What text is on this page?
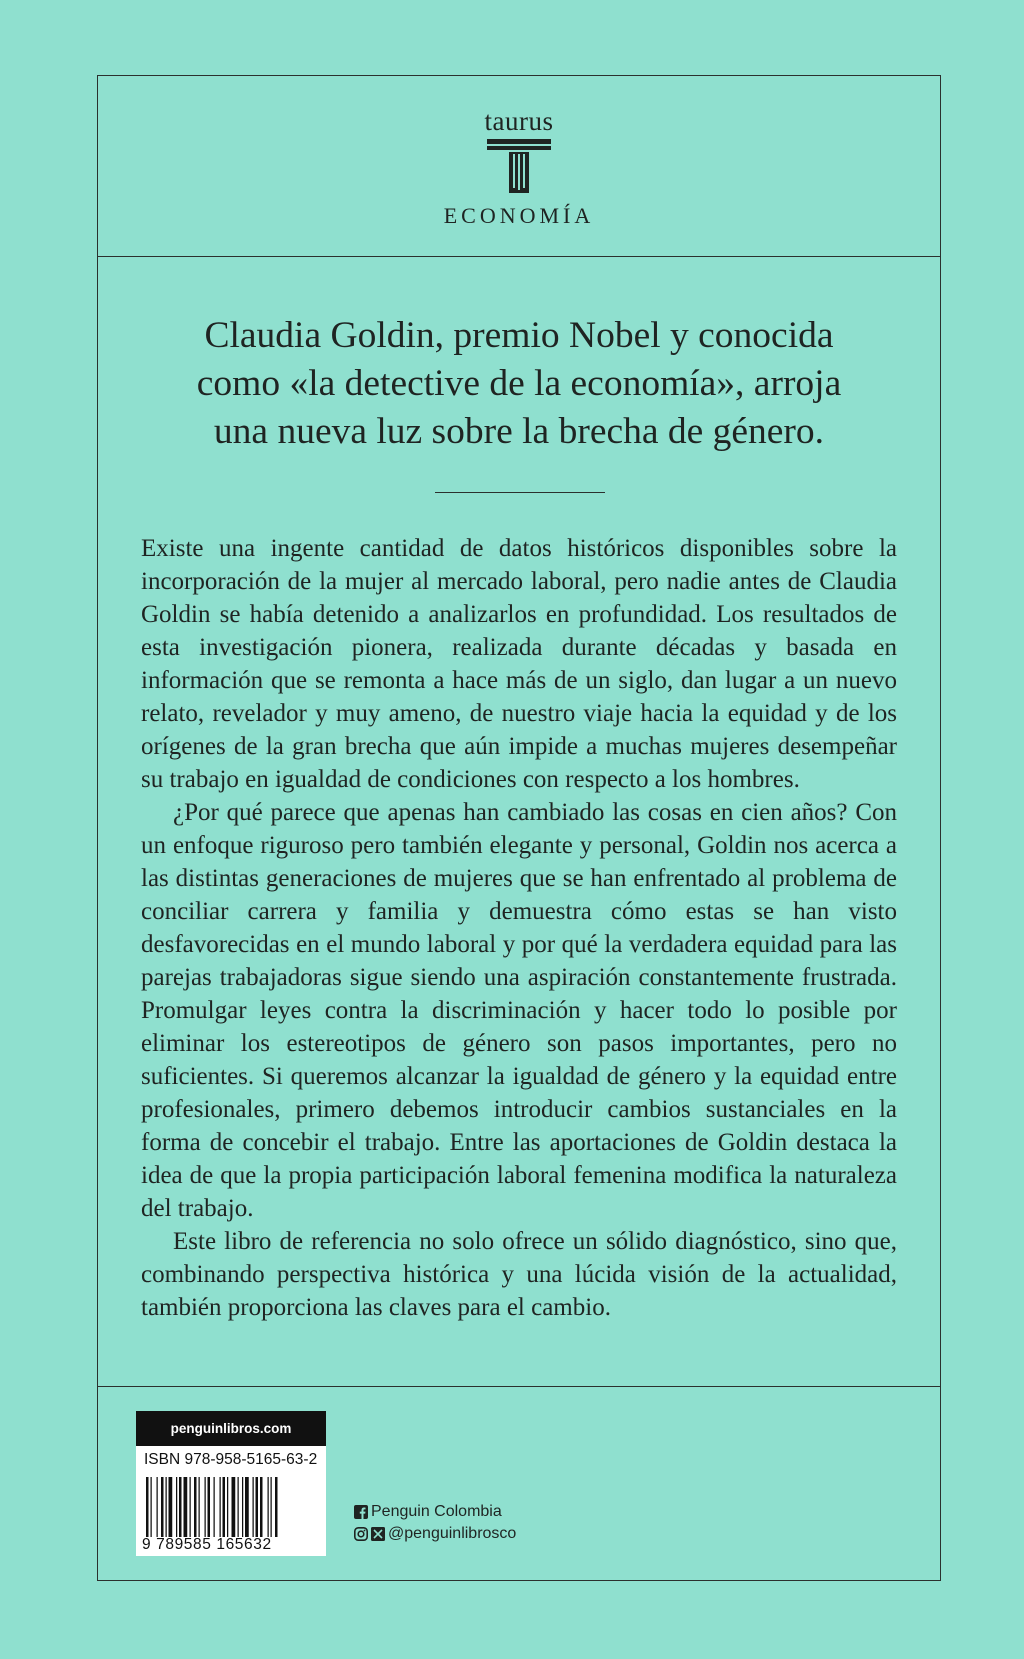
taurus
ECONOMÍA
Claudia Goldin, premio Nobel y conocida
como «la detective de la economía», arroja
una nueva luz sobre la brecha de género.

Existe una ingente cantidad de datos históricos disponibles sobre la incorporación de la mujer al mercado laboral, pero nadie antes de Claudia Goldin se había detenido a analizarlos en profundidad. Los resultados de esta investigación pionera, realizada durante décadas y basada en información que se remonta a hace más de un siglo, dan lugar a un nuevo relato, revelador y muy ameno, de nuestro viaje hacia la equidad y de los orígenes de la gran brecha que aún impide a muchas mujeres desempeñar su trabajo en igualdad de condiciones con respecto a los hombres.

¿Por qué parece que apenas han cambiado las cosas en cien años? Con un enfoque riguroso pero también elegante y personal, Goldin nos acerca a las distintas generaciones de mujeres que se han enfrentado al problema de conciliar carrera y familia y demuestra cómo estas se han visto desfavorecidas en el mundo laboral y por qué la verdadera equidad para las parejas trabajadoras sigue siendo una aspiración constantemente frustrada. Promulgar leyes contra la discriminación y hacer todo lo posible por eliminar los estereotipos de género son pasos importantes, pero no suficientes. Si queremos alcanzar la igualdad de género y la equidad entre profesionales, primero debemos introducir cambios sustanciales en la forma de concebir el trabajo. Entre las aportaciones de Goldin destaca la idea de que la propia participación laboral femenina modifica la naturaleza del trabajo.

Este libro de referencia no solo ofrece un sólido diagnóstico, sino que, combinando perspectiva histórica y una lúcida visión de la actualidad, también proporciona las claves para el cambio.

penguinlibros.com
ISBN 978-958-5165-63-2
9 789585 165632
Penguin Colombia
@penguinlibrosco
